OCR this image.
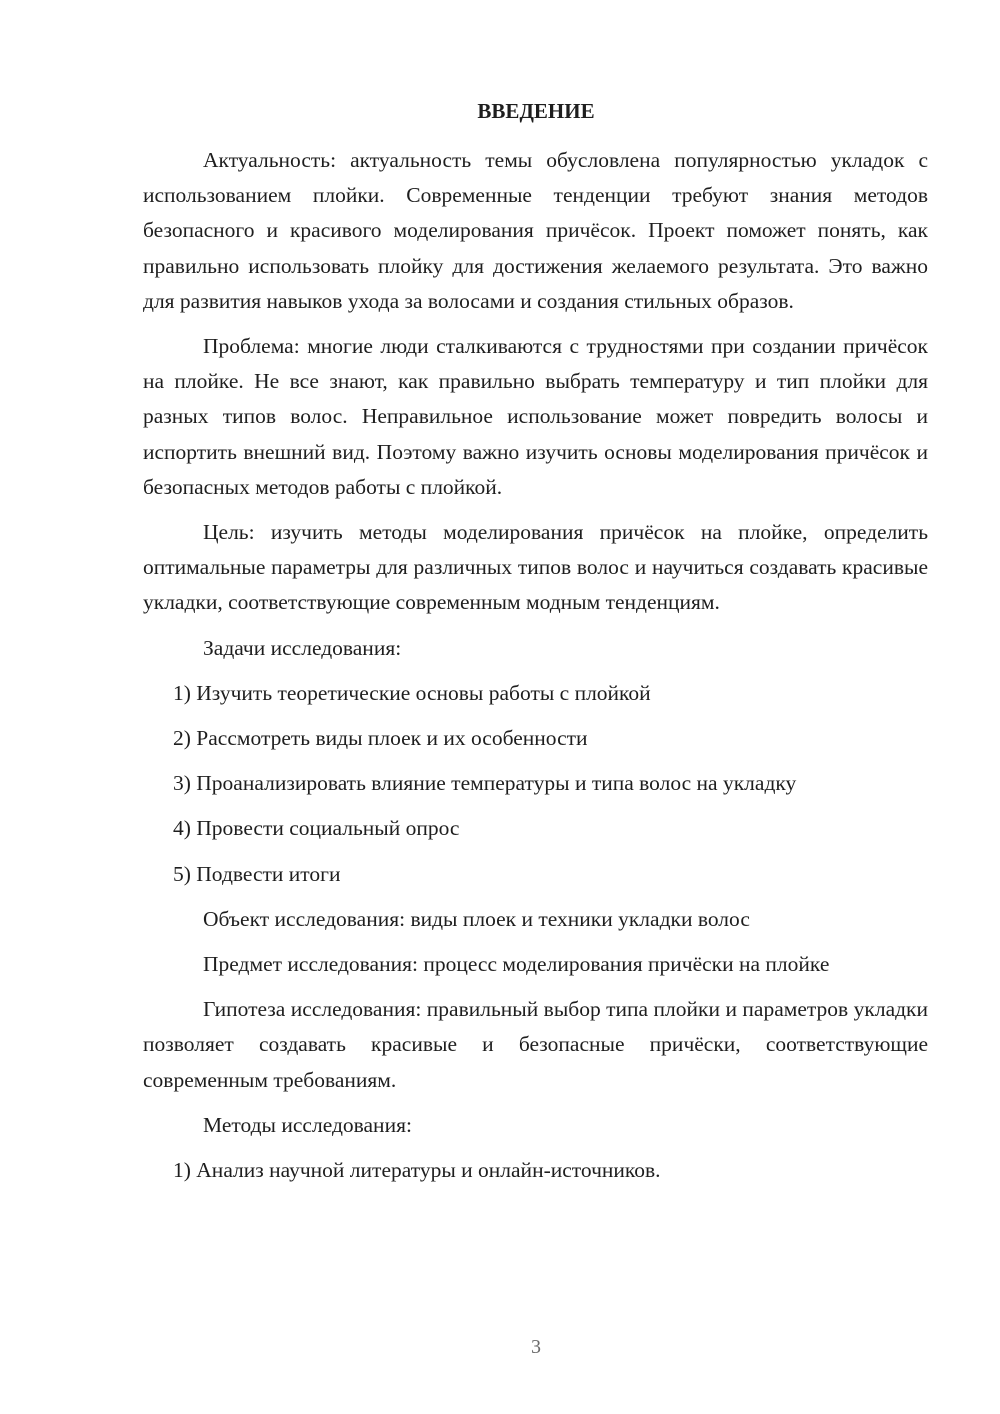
ВВЕДЕНИЕ

Актуальность: актуальность темы обусловлена популярностью укладок с использованием плойки. Современные тенденции требуют знания методов безопасного и красивого моделирования причёсок. Проект поможет понять, как правильно использовать плойку для достижения желаемого результата. Это важно для развития навыков ухода за волосами и создания стильных образов.

Проблема: многие люди сталкиваются с трудностями при создании причёсок на плойке. Не все знают, как правильно выбрать температуру и тип плойки для разных типов волос. Неправильное использование может повредить волосы и испортить внешний вид. Поэтому важно изучить основы моделирования причёсок и безопасных методов работы с плойкой.

Цель: изучить методы моделирования причёсок на плойке, определить оптимальные параметры для различных типов волос и научиться создавать красивые укладки, соответствующие современным модным тенденциям.

Задачи исследования:

1) Изучить теоретические основы работы с плойкой

2) Рассмотреть виды плоек и их особенности

3) Проанализировать влияние температуры и типа волос на укладку

4) Провести социальный опрос

5) Подвести итоги

Объект исследования: виды плоек и техники укладки волос

Предмет исследования: процесс моделирования причёски на плойке

Гипотеза исследования: правильный выбор типа плойки и параметров укладки позволяет создавать красивые и безопасные причёски, соответствующие современным требованиям.

Методы исследования:

1) Анализ научной литературы и онлайн-источников.

3
